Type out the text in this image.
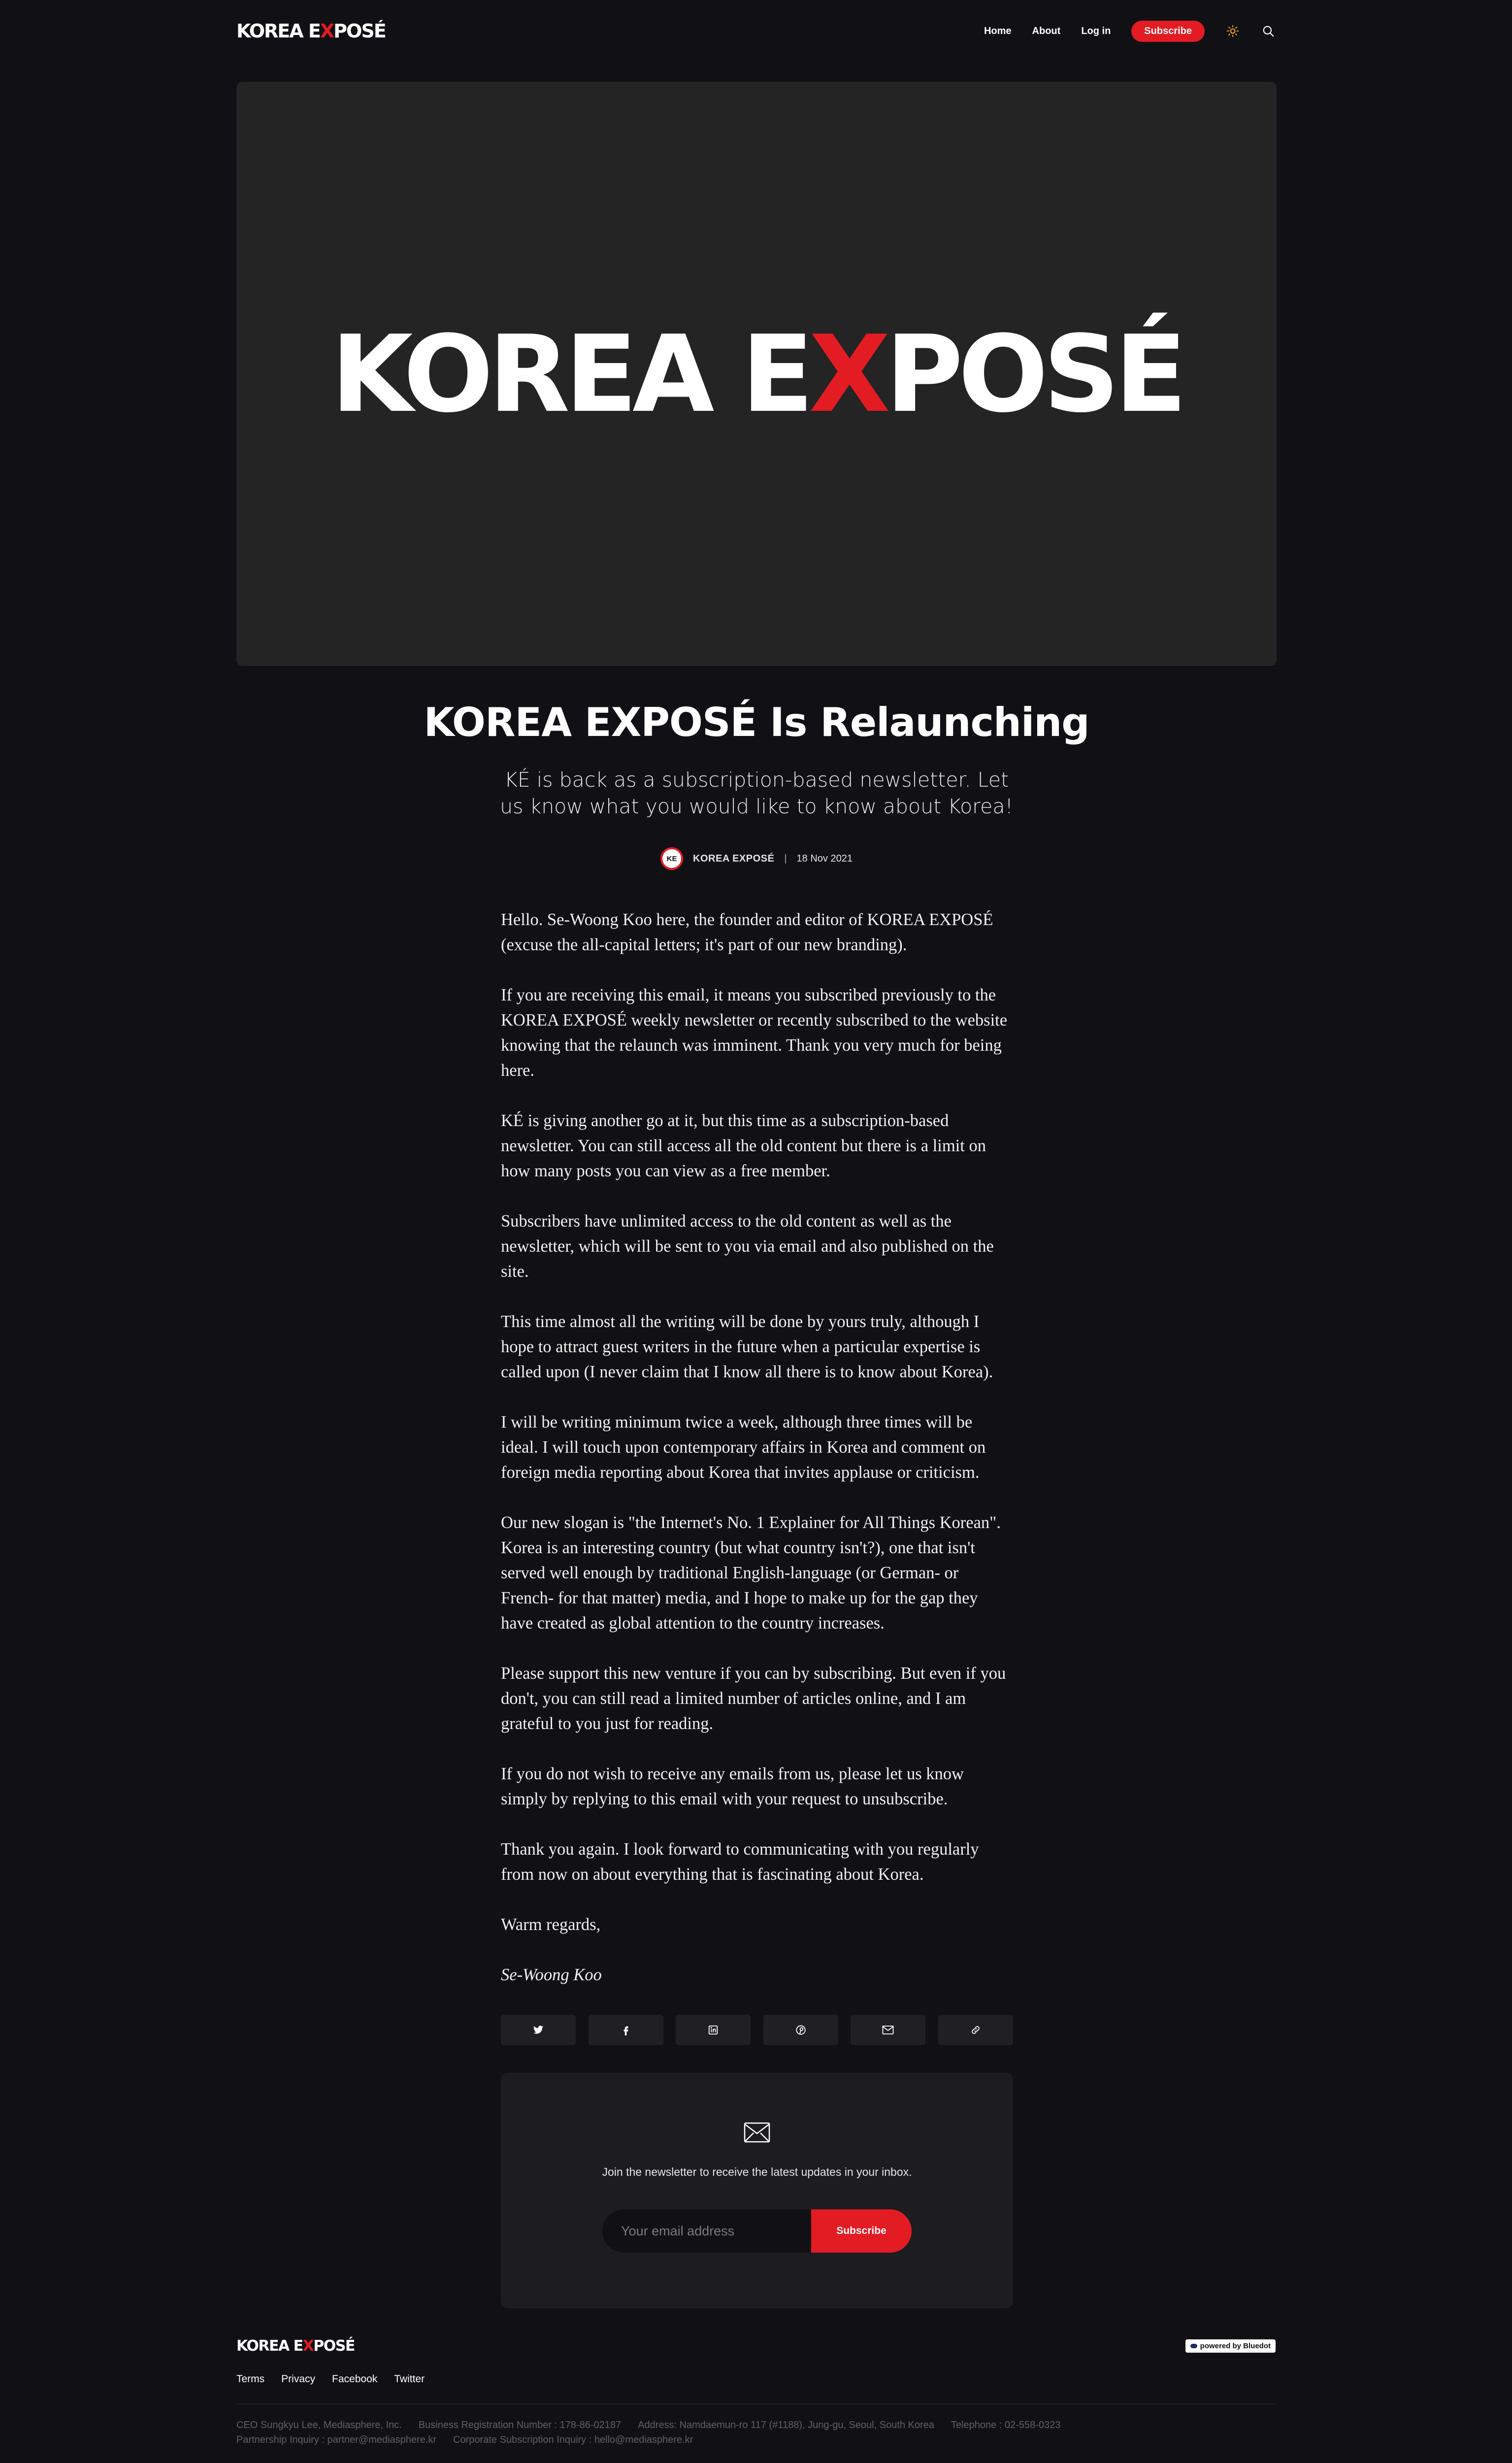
KOREA EXPOSÉ	Home About Log in	Subscribe
KOREA EXPOSÉ
KOREA EXPOSÉ Is Relaunching
KÉ is back as a subscription-based newsletter. Let us know what you would like to know about Korea!
KE	KOREA EXPOSÉ | 18 Nov 2021

Hello. Se-Woong Koo here, the founder and editor of KOREA EXPOSÉ (excuse the all-capital letters; it's part of our new branding).

If you are receiving this email, it means you subscribed previously to the KOREA EXPOSÉ weekly newsletter or recently subscribed to the website knowing that the relaunch was imminent. Thank you very much for being here.

KÉ is giving another go at it, but this time as a subscription-based newsletter. You can still access all the old content but there is a limit on how many posts you can view as a free member.

Subscribers have unlimited access to the old content as well as the newsletter, which will be sent to you via email and also published on the site.

This time almost all the writing will be done by yours truly, although I hope to attract guest writers in the future when a particular expertise is called upon (I never claim that I know all there is to know about Korea).

I will be writing minimum twice a week, although three times will be ideal. I will touch upon contemporary affairs in Korea and comment on foreign media reporting about Korea that invites applause or criticism.

Our new slogan is "the Internet's No. 1 Explainer for All Things Korean". Korea is an interesting country (but what country isn't?), one that isn't served well enough by traditional English-language (or German- or French- for that matter) media, and I hope to make up for the gap they have created as global attention to the country increases.

Please support this new venture if you can by subscribing. But even if you don't, you can still read a limited number of articles online, and I am grateful to you just for reading.

If you do not wish to receive any emails from us, please let us know simply by replying to this email with your request to unsubscribe.

Thank you again. I look forward to communicating with you regularly from now on about everything that is fascinating about Korea.

Warm regards,

Se-Woong Koo

Join the newsletter to receive the latest updates in your inbox.
Your email address
Subscribe
KOREA EXPOSÉ	powered by Bluedot
Terms Privacy Facebook Twitter
CEO Sungkyu Lee, Mediasphere, Inc. Business Registration Number : 178-86-02187 Address: Namdaemun-ro 117 (#1188), Jung-gu, Seoul, South Korea Telephone : 02-558-0323
Partnership Inquiry : partner@mediasphere.kr Corporate Subscription Inquiry : hello@mediasphere.kr
